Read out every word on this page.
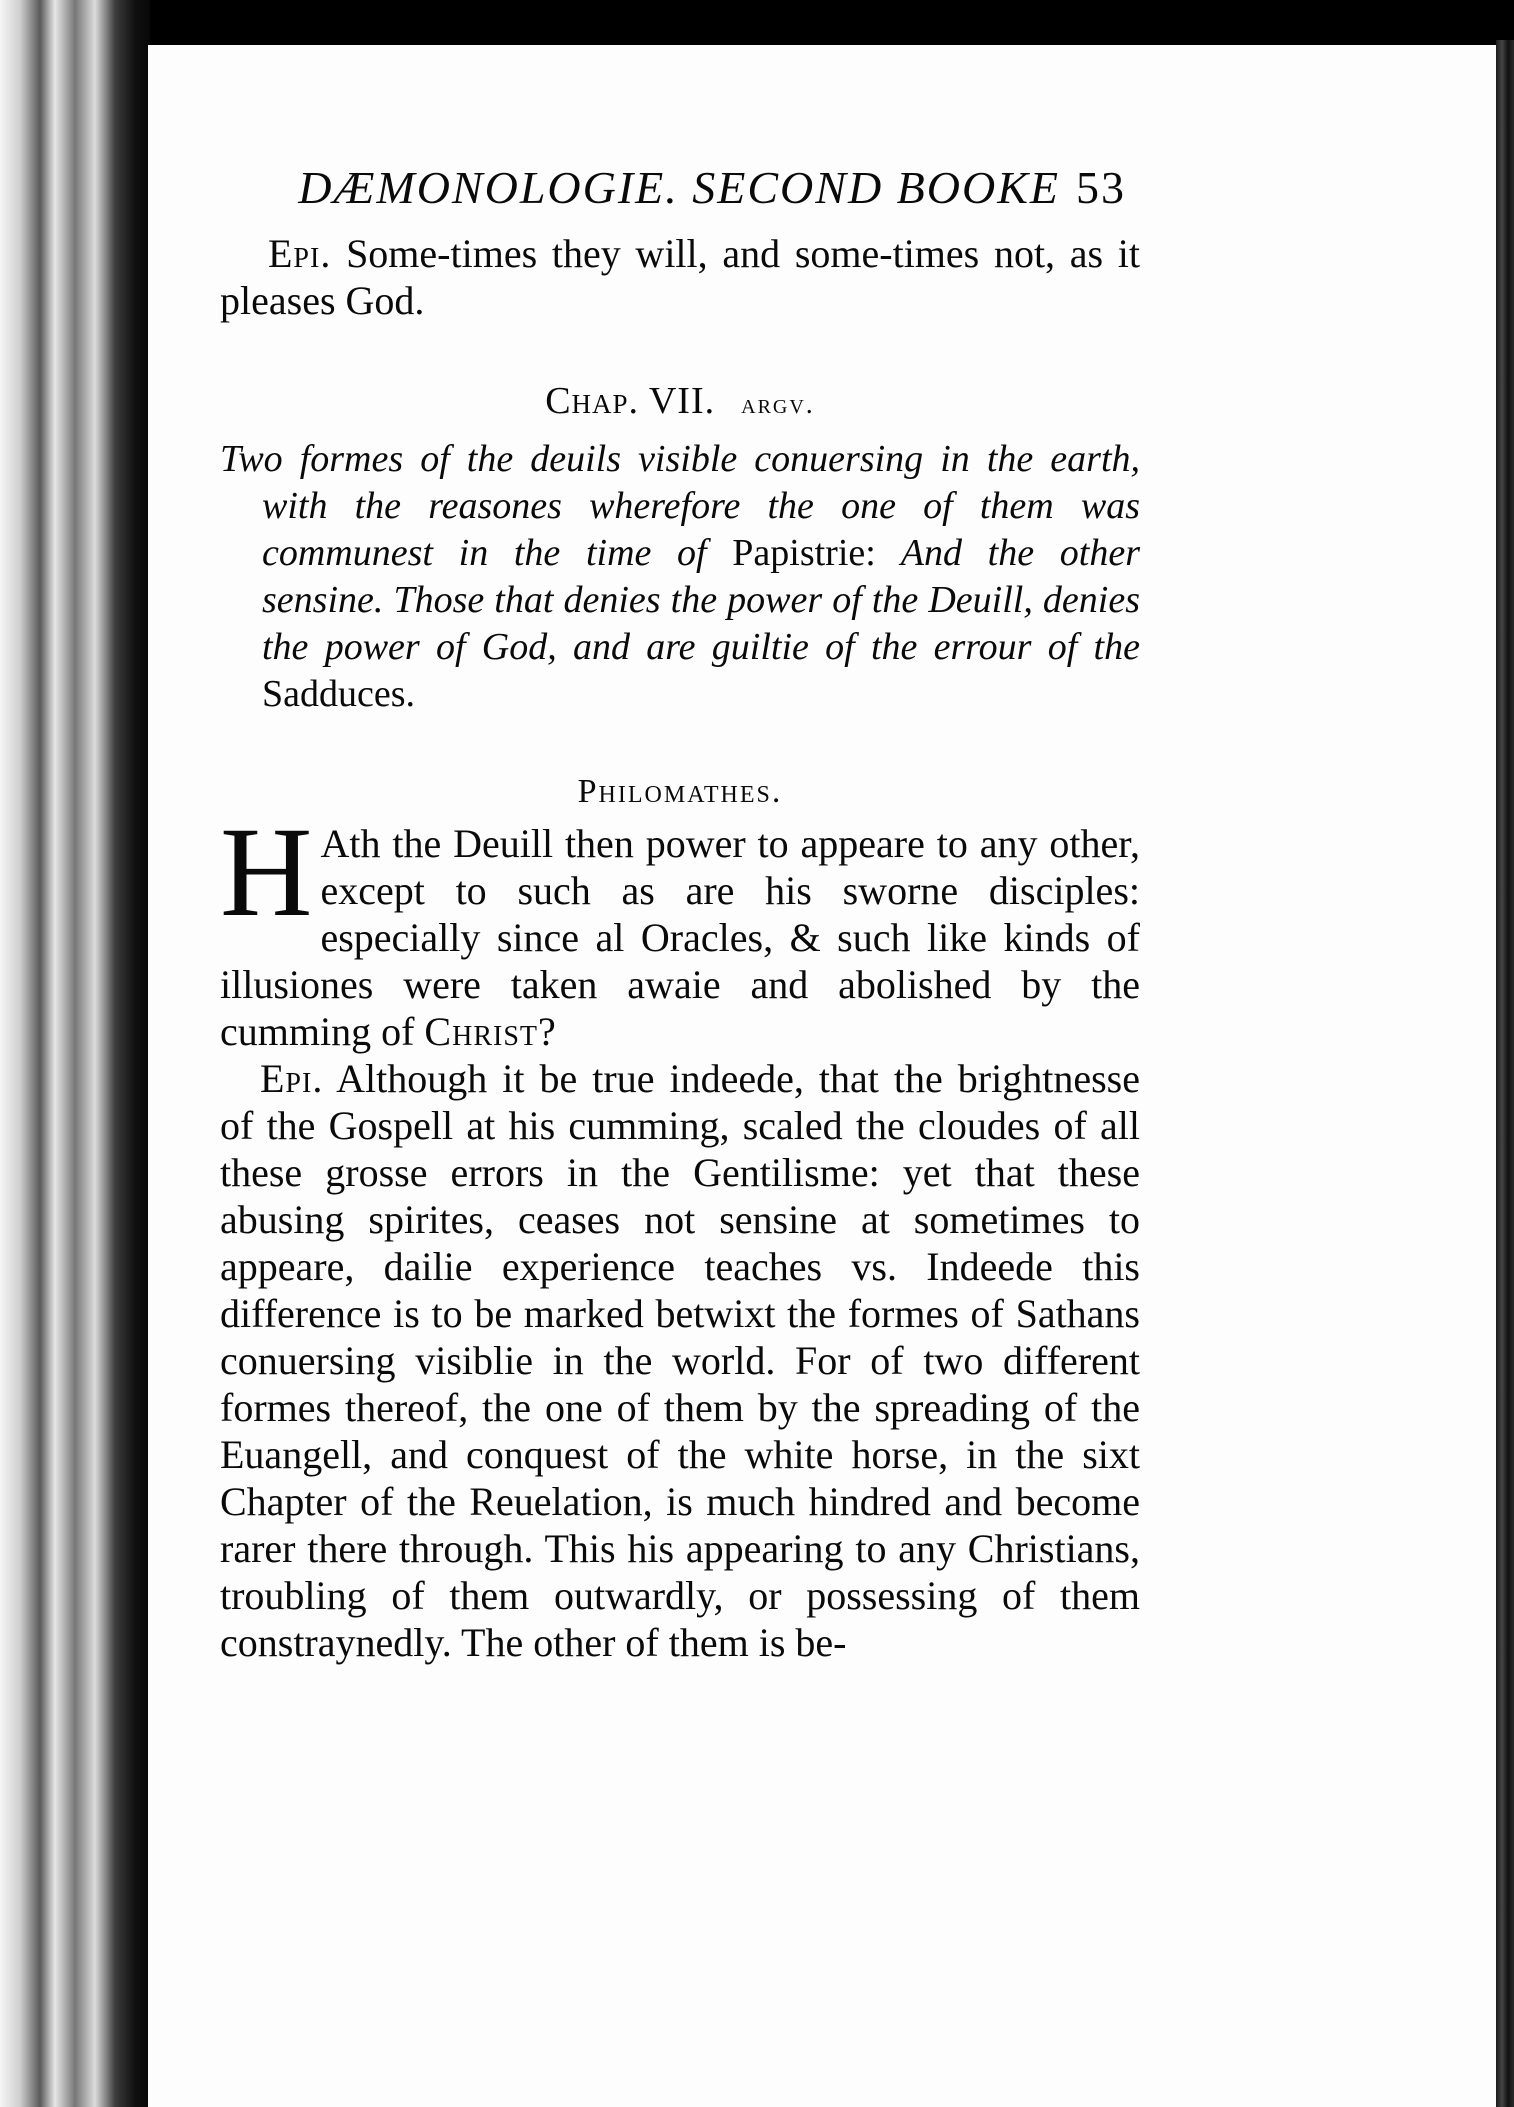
DÆMONOLOGIE. SECOND BOOKE 53

Epi. Some-times they will, and some-times not, as it pleases God.

Chap. VII. argv.

Two formes of the deuils visible conuersing in the earth, with the reasones wherefore the one of them was communest in the time of Papistrie: And the other sensine. Those that denies the power of the Deuill, denies the power of God, and are guiltie of the errour of the Sadduces.

Philomathes.

H Ath the Deuill then power to appeare to any other, except to such as are his sworne disciples: especially since al Oracles, & such like kinds of illusiones were taken awaie and abolished by the cumming of Christ?

Epi. Although it be true indeede, that the brightnesse of the Gospell at his cumming, scaled the cloudes of all these grosse errors in the Gentilisme: yet that these abusing spirites, ceases not sensine at sometimes to appeare, dailie experience teaches vs. Indeede this difference is to be marked betwixt the formes of Sathans conuersing visiblie in the world. For of two different formes thereof, the one of them by the spreading of the Euangell, and conquest of the white horse, in the sixt Chapter of the Reuelation, is much hindred and become rarer there through. This his appearing to any Christians, troubling of them outwardly, or possessing of them constraynedly. The other of them is be-
